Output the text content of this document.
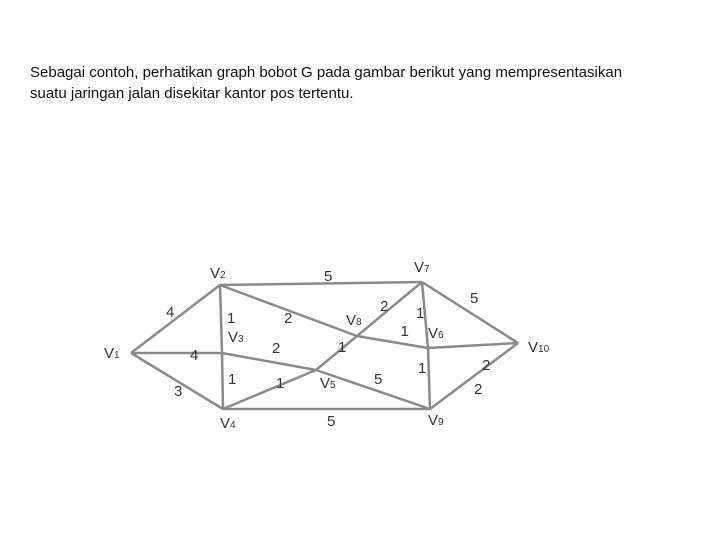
Sebagai contoh, perhatikan graph bobot G pada gambar berikut yang mempresentasikan
suatu jaringan jalan disekitar kantor pos tertentu.
4
4
3
1
5
2
1
2
1
5
1
5
2
1
1
5
1
2
2
V1
V2
V3
V4
V5
V6
V7
V8
V9
V10
